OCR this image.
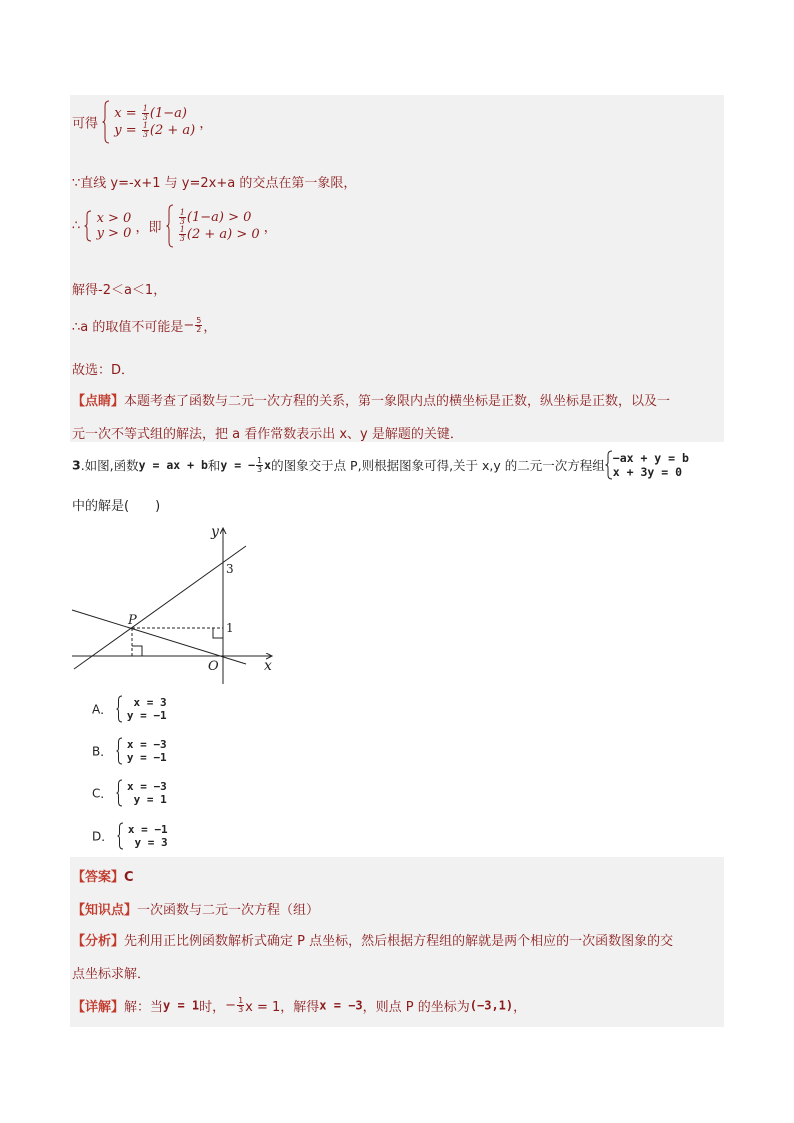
可得
$x = \frac{1}{3} (1-a)$
$y = \frac{1}{3} (2 + a)$ ，
∵直线 y=-x+1 与 y=2x+a 的交点在第一象限，
∴ x > 0
y > 0 ，即
$\frac{1}{3} (1-a) > 0$
$\frac{1}{3} (2 + a) > 0$ ，
解得-2＜a＜1，
∴a 的取值不可能是− $\frac{5}{2}$ ，
故选：D．
【点睛】本题考查了函数与二元一次方程的关系，第一象限内点的横坐标是正数，纵坐标是正数，以及一
元一次不等式组的解法，把 a 看作常数表示出 x、y 是解题的关键．
3.如图,函数y = ax + b和y = − $\frac{1}{3}$ x的图象交于点 P,则根据图象可得,关于 x,y 的二元一次方程组 −ax + y = b
x + 3y = 0
中的解是(　　)
y
x
O
P
3
1
A． x = 3
y = −1
B． x = −3
y = −1
C． x = −3
y = 1
D． x = −1
y = 3
【答案】C
【知识点】一次函数与二元一次方程（组）
【分析】先利用正比例函数解析式确定 P 点坐标，然后根据方程组的解就是两个相应的一次函数图象的交
点坐标求解．
【详解】解：当y = 1时，− $\frac{1}{3}$ x = 1，解得x = −3，则点 P 的坐标为(−3,1)，
